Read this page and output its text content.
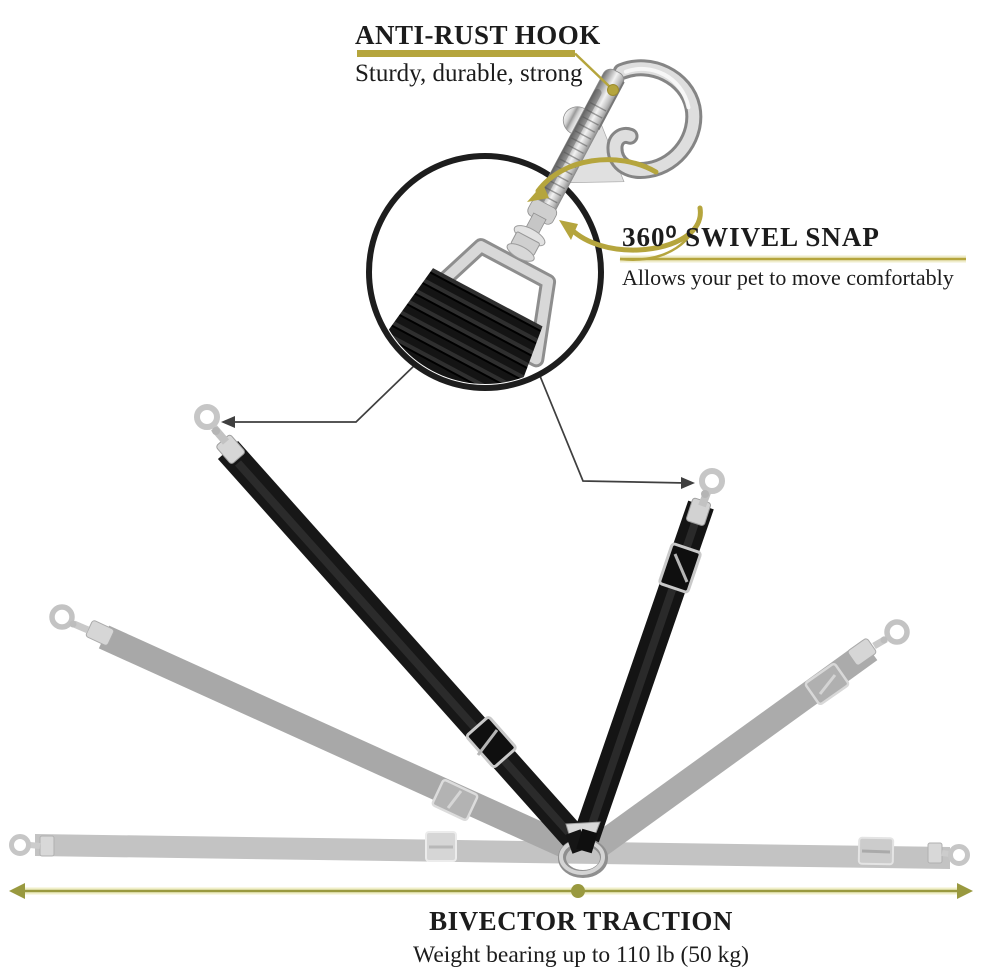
ANTI-RUST HOOK
Sturdy, durable, strong
360⁰ SWIVEL SNAP
Allows your pet to move comfortably
BIVECTOR TRACTION
Weight bearing up to 110 lb (50 kg)
